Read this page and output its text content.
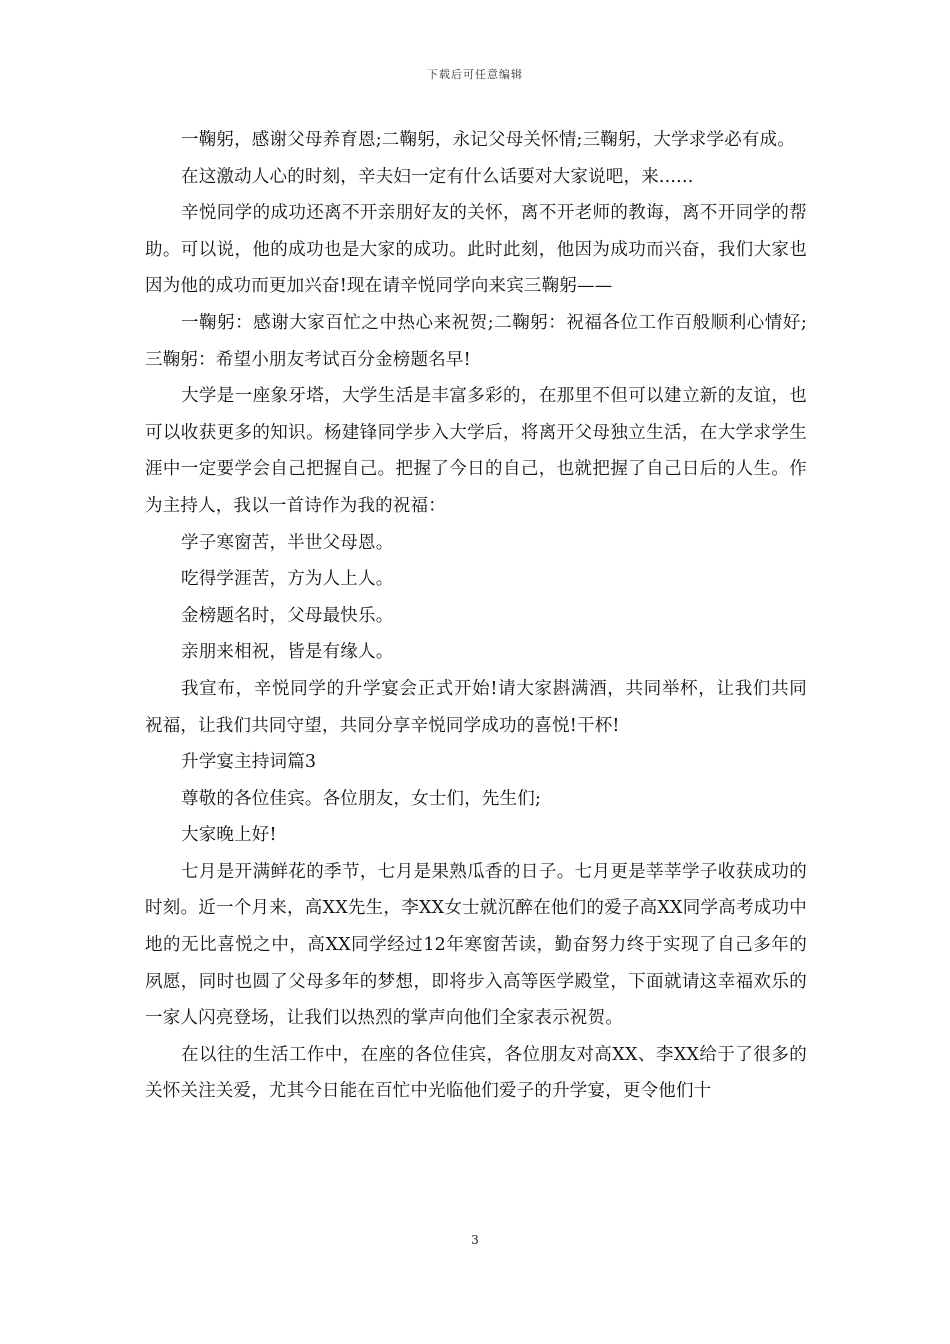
下载后可任意编辑

一鞠躬，感谢父母养育恩;二鞠躬，永记父母关怀情;三鞠躬，大学求学必有成。

在这激动人心的时刻，辛夫妇一定有什么话要对大家说吧，来......

辛悦同学的成功还离不开亲朋好友的关怀，离不开老师的教诲，离不开同学的帮助。可以说，他的成功也是大家的成功。此时此刻，他因为成功而兴奋，我们大家也因为他的成功而更加兴奋!现在请辛悦同学向来宾三鞠躬——

一鞠躬：感谢大家百忙之中热心来祝贺;二鞠躬：祝福各位工作百般顺利心情好;三鞠躬：希望小朋友考试百分金榜题名早!

大学是一座象牙塔，大学生活是丰富多彩的，在那里不但可以建立新的友谊，也可以收获更多的知识。杨建锋同学步入大学后，将离开父母独立生活，在大学求学生涯中一定要学会自己把握自己。把握了今日的自己，也就把握了自己日后的人生。作为主持人，我以一首诗作为我的祝福：

学子寒窗苦，半世父母恩。

吃得学涯苦，方为人上人。

金榜题名时，父母最快乐。

亲朋来相祝，皆是有缘人。

我宣布，辛悦同学的升学宴会正式开始!请大家斟满酒，共同举杯，让我们共同祝福，让我们共同守望，共同分享辛悦同学成功的喜悦!干杯!

升学宴主持词篇3

尊敬的各位佳宾。各位朋友，女士们，先生们;

大家晚上好!

七月是开满鲜花的季节，七月是果熟瓜香的日子。七月更是莘莘学子收获成功的时刻。近一个月来，高XX先生，李XX女士就沉醉在他们的爱子高XX同学高考成功中地的无比喜悦之中，高XX同学经过12年寒窗苦读，勤奋努力终于实现了自己多年的夙愿，同时也圆了父母多年的梦想，即将步入高等医学殿堂，下面就请这幸福欢乐的一家人闪亮登场，让我们以热烈的掌声向他们全家表示祝贺。

在以往的生活工作中，在座的各位佳宾，各位朋友对高XX、李XX给于了很多的关怀关注关爱，尤其今日能在百忙中光临他们爱子的升学宴，更令他们十

3
